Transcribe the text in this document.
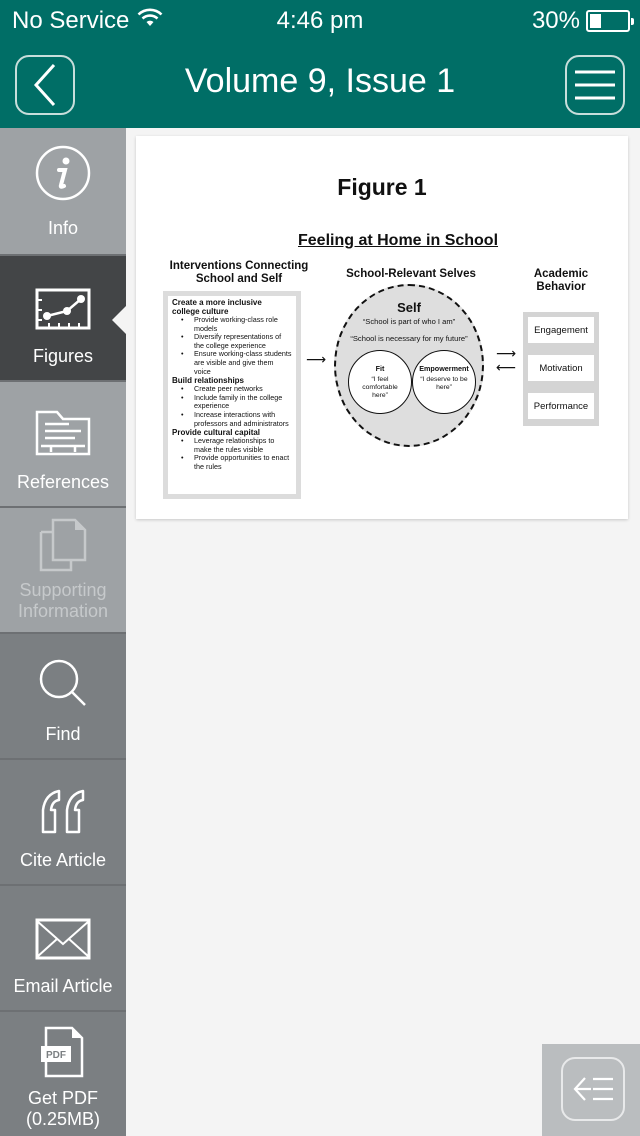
No Service	4:46 pm	30%
Volume 9, Issue 1
Info
Figures
References
Supporting Information
Find
Cite Article
Email Article
PDF
Get PDF
(0.25MB)
Figure 1
Feeling at Home in School
Interventions Connecting
School and Self
Create a more inclusive
college culture
• Provide working-class role models
• Diversify representations of the college experience
• Ensure working-class students are visible and give them voice
Build relationships
• Create peer networks
• Include family in the college experience
• Increase interactions with professors and administrators
Provide cultural capital
• Leverage relationships to make the rules visible
• Provide opportunities to enact the rules
⟶
School-Relevant Selves
Self
“School is part of who I am”
“School is necessary for my future”
Fit
“I feel
comfortable
here”
Empowerment
“I deserve to be
here”
⟶
⟵
Academic
Behavior
Engagement
Motivation
Performance
